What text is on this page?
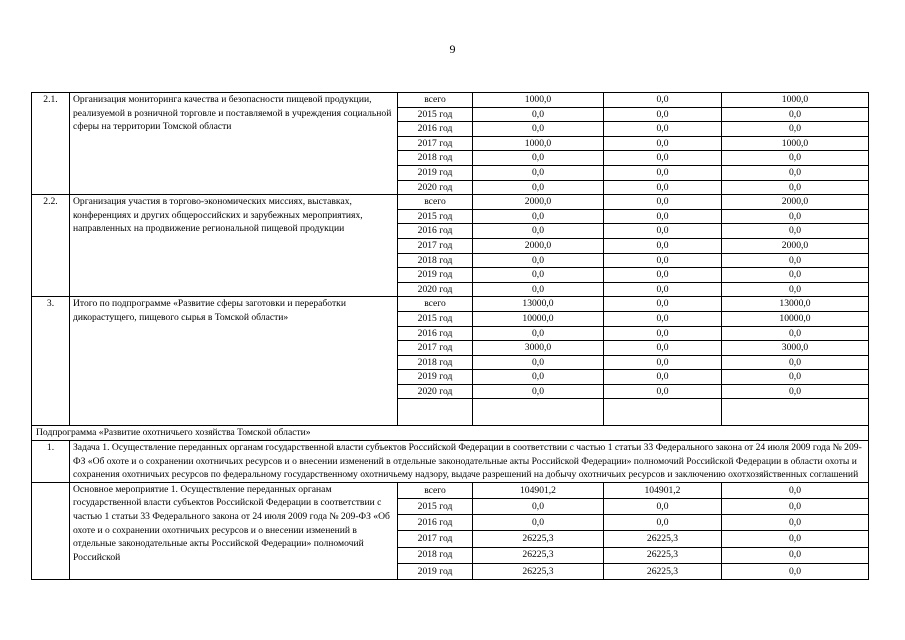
9
2.1.	Организация мониторинга качества и безопасности пищевой продукции, реализуемой в розничной торговле и поставляемой в учреждения социальной сферы на территории Томской области	всего	1000,0	0,0	1000,0
		2015 год	0,0	0,0	0,0
		2016 год	0,0	0,0	0,0
		2017 год	1000,0	0,0	1000,0
		2018 год	0,0	0,0	0,0
		2019 год	0,0	0,0	0,0
		2020 год	0,0	0,0	0,0
2.2.	Организация участия в торгово-экономических миссиях, выставках, конференциях и других общероссийских и зарубежных мероприятиях, направленных на продвижение региональной пищевой продукции	всего	2000,0	0,0	2000,0
		2015 год	0,0	0,0	0,0
		2016 год	0,0	0,0	0,0
		2017 год	2000,0	0,0	2000,0
		2018 год	0,0	0,0	0,0
		2019 год	0,0	0,0	0,0
		2020 год	0,0	0,0	0,0
3.	Итого по подпрограмме «Развитие сферы заготовки и переработки дикорастущего, пищевого сырья в Томской области»	всего	13000,0	0,0	13000,0
		2015 год	10000,0	0,0	10000,0
		2016 год	0,0	0,0	0,0
		2017 год	3000,0	0,0	3000,0
		2018 год	0,0	0,0	0,0
		2019 год	0,0	0,0	0,0
		2020 год	0,0	0,0	0,0

Подпрограмма «Развитие охотничьего хозяйства Томской области»					
1.	Задача 1. Осуществление переданных органам государственной власти субъектов Российской Федерации в соответствии с частью 1 статьи 33 Федерального закона от 24 июля 2009 года № 209-ФЗ «Об охоте и о сохранении охотничьих ресурсов и о внесении изменений в отдельные законодательные акты Российской Федерации» полномочий Российской Федерации в области охоты и сохранения охотничьих ресурсов по федеральному государственному охотничьему надзору, выдаче разрешений на добычу охотничьих ресурсов и заключению охотхозяйственных соглашений				
	Основное мероприятие 1. Осуществление переданных органам государственной власти субъектов Российской Федерации в соответствии с частью 1 статьи 33 Федерального закона от 24 июля 2009 года № 209-ФЗ «Об охоте и о сохранении охотничьих ресурсов и о внесении изменений в отдельные законодательные акты Российской Федерации» полномочий Российской	всего	104901,2	104901,2	0,0
		2015 год	0,0	0,0	0,0
		2016 год	0,0	0,0	0,0
		2017 год	26225,3	26225,3	0,0
		2018 год	26225,3	26225,3	0,0
		2019 год	26225,3	26225,3	0,0
